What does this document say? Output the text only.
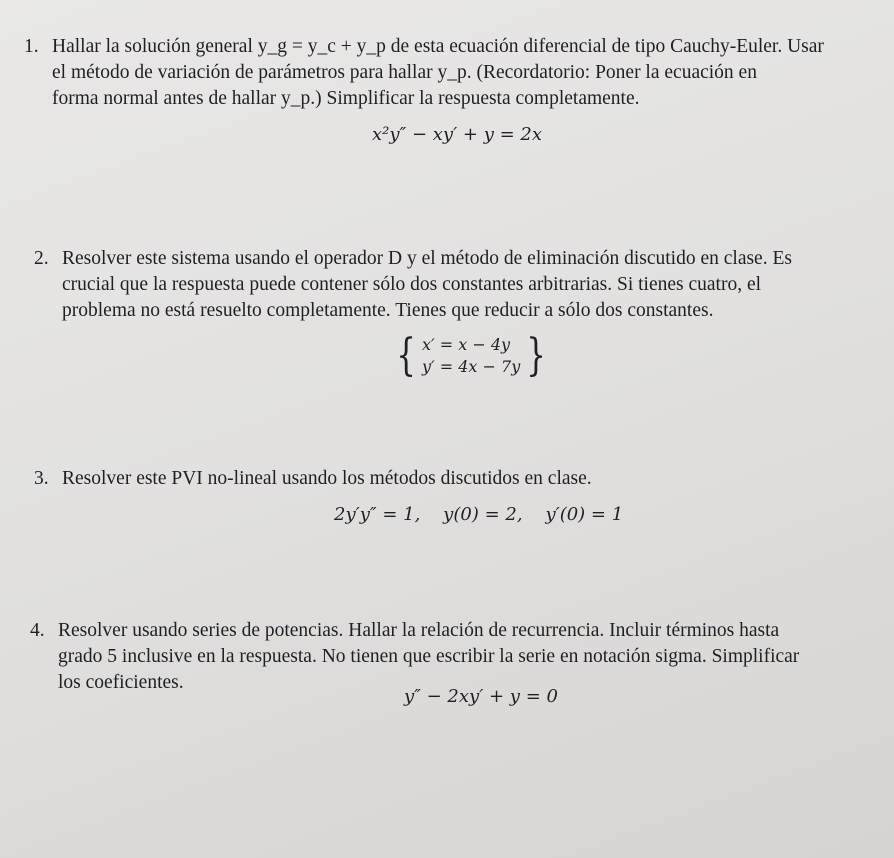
1. Hallar la solución general y_g = y_c + y_p de esta ecuación diferencial de tipo Cauchy-Euler. Usar
el método de variación de parámetros para hallar y_p. (Recordatorio: Poner la ecuación en
forma normal antes de hallar y_p.) Simplificar la respuesta completamente.
x²y″ − xy′ + y = 2x
2. Resolver este sistema usando el operador D y el método de eliminación discutido en clase. Es
crucial que la respuesta puede contener sólo dos constantes arbitrarias. Si tienes cuatro, el
problema no está resuelto completamente. Tienes que reducir a sólo dos constantes.
{ x′ = x − 4y
y′ = 4x − 7y }
3. Resolver este PVI no-lineal usando los métodos discutidos en clase.
2y′y″ = 1,    y(0) = 2,    y′(0) = 1
4. Resolver usando series de potencias. Hallar la relación de recurrencia. Incluir términos hasta
grado 5 inclusive en la respuesta. No tienen que escribir la serie en notación sigma. Simplificar
los coeficientes.
y″ − 2xy′ + y = 0
